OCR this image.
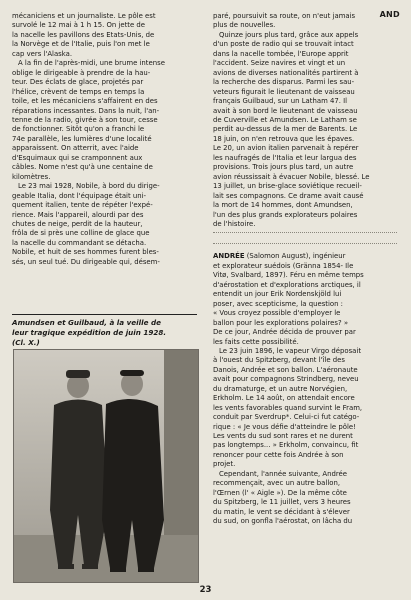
AND

mécaniciens et un journaliste. Le pôle est

survolé le 12 mai à 1 h 15. On jette de

la nacelle les pavillons des Etats-Unis, de

la Norvège et de l'Italie, puis l'on met le

cap vers l'Alaska.

A la fin de l'après-midi, une brume intense

oblige le dirigeable à prendre de la hau-

teur. Des éclats de glace, projetés par

l'hélice, crèvent de temps en temps la

toile, et les mécaniciens s'affairent en des

réparations incessantes. Dans la nuit, l'an-

tenne de la radio, givrée à son tour, cesse

de fonctionner. Sitôt qu'on a franchi le

74e parallèle, les lumières d'une localité

apparaissent. On atterrit, avec l'aide

d'Esquimaux qui se cramponnent aux

câbles. Nome n'est qu'à une centaine de

kilomètres.

Le 23 mai 1928, Nobile, à bord du dirige-

geable Italia, dont l'équipage était uni-

quement italien, tente de répéter l'expé-

rience. Mais l'appareil, alourdi par des

chutes de neige, perdit de la hauteur,

frôla de si près une colline de glace que

la nacelle du commandant se détacha.

Nobile, et huit de ses hommes furent bles-

sés, un seul tué. Du dirigeable qui, désem-

Amundsen et Guilbaud, à la veille de
leur tragique expédition de juin 1928.
(Cl. X.)

paré, poursuivit sa route, on n'eut jamais

plus de nouvelles.

Quinze jours plus tard, grâce aux appels

d'un poste de radio qui se trouvait intact

dans la nacelle tombée, l'Europe apprit

l'accident. Seize navires et vingt et un

avions de diverses nationalités partirent à

la recherche des disparus. Parmi les sau-

veteurs figurait le lieutenant de vaisseau

français Guilbaud, sur un Latham 47. Il

avait à son bord le lieutenant de vaisseau

de Cuverville et Amundsen. Le Latham se

perdit au-dessus de la mer de Barents. Le

18 juin, on n'en retrouva que les épaves.

Le 20, un avion italien parvenait à repérer

les naufragés de l'Italia et leur largua des

provisions. Trois jours plus tard, un autre

avion réussissait à évacuer Nobile, blessé. Le

13 juillet, un brise-glace soviétique recueil-

lait ses compagnons. Ce drame avait causé

la mort de 14 hommes, dont Amundsen,

l'un des plus grands explorateurs polaires

de l'histoire.

ANDRÉE (Salomon August), ingénieur

et explorateur suédois (Gränna 1854- Ile

Vitø, Svalbard, 1897). Féru en même temps

d'aérostation et d'explorations arctiques, il

entendit un jour Erik Nordenskjöld lui

poser, avec scepticisme, la question :

« Vous croyez possible d'employer le

ballon pour les explorations polaires? »

De ce jour, Andrée décida de prouver par

les faits cette possibilité.

Le 23 juin 1896, le vapeur Virgo déposait

à l'ouest du Spitzberg, devant l'île des

Danois, Andrée et son ballon. L'aéronaute

avait pour compagnons Strindberg, neveu

du dramaturge, et un autre Norvégien,

Erkholm. Le 14 août, on attendait encore

les vents favorables quand survint le Fram,

conduit par Sverdrup*. Celui-ci fut catégo-

rique : « Je vous défie d'atteindre le pôle!

Les vents du sud sont rares et ne durent

pas longtemps... » Erkholm, convaincu, fit

renoncer pour cette fois Andrée à son

projet.

Cependant, l'année suivante, Andrée

recommençait, avec un autre ballon,

l'Œrnen (l' « Aigle »). De la même côte

du Spitzberg, le 11 juillet, vers 3 heures

du matin, le vent se décidant à s'élever

du sud, on gonfla l'aérostat, on lâcha du

23
